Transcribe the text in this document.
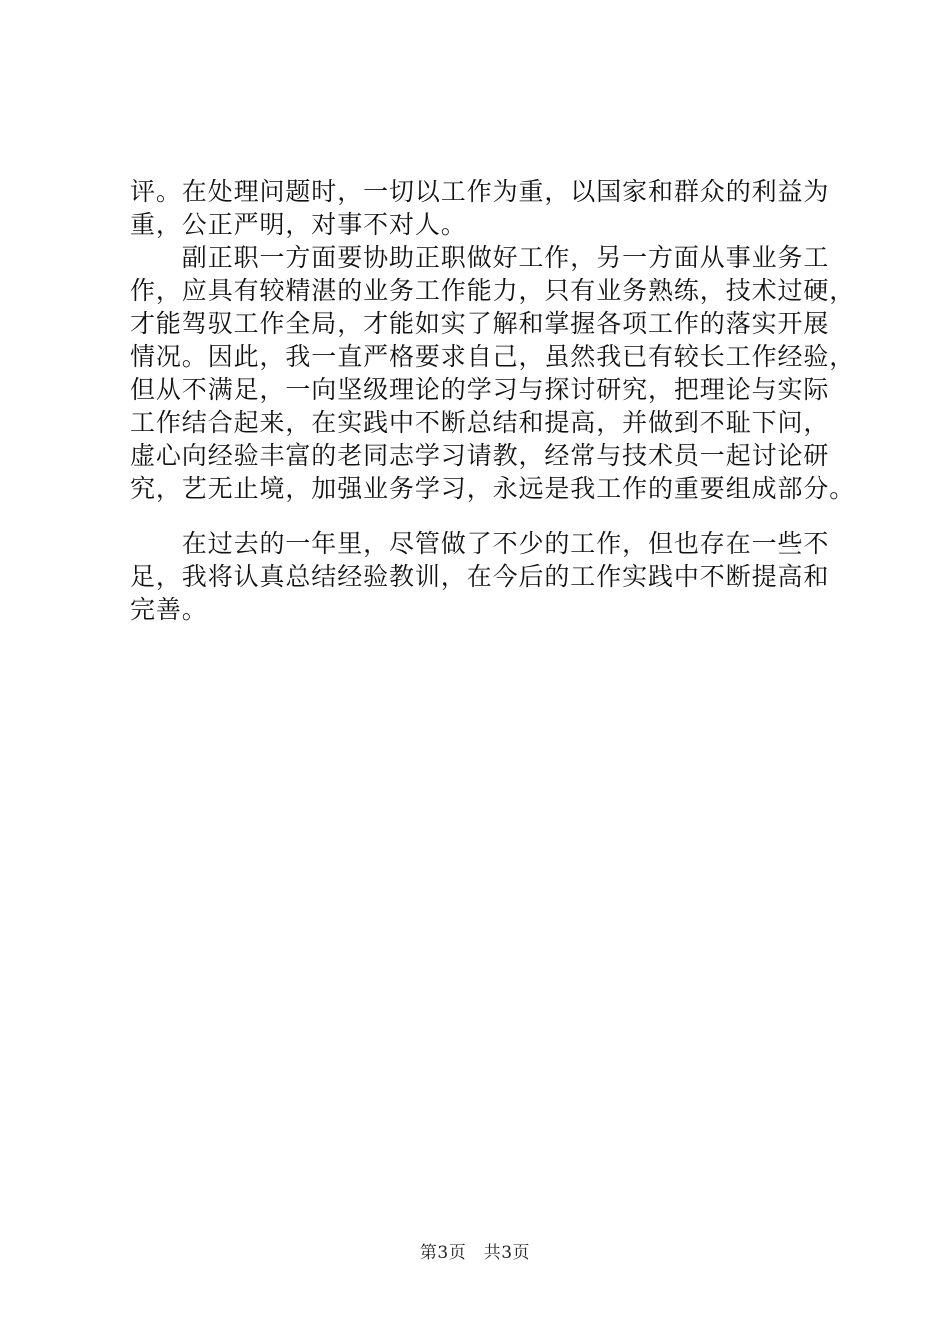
评。在处理问题时，一切以工作为重，以国家和群众的利益为
重，公正严明，对事不对人。
　　副正职一方面要协助正职做好工作，另一方面从事业务工
作，应具有较精湛的业务工作能力，只有业务熟练，技术过硬，
才能驾驭工作全局，才能如实了解和掌握各项工作的落实开展
情况。因此，我一直严格要求自己，虽然我已有较长工作经验，
但从不满足，一向坚级理论的学习与探讨研究，把理论与实际
工作结合起来，在实践中不断总结和提高，并做到不耻下问，
虚心向经验丰富的老同志学习请教，经常与技术员一起讨论研
究，艺无止境，加强业务学习，永远是我工作的重要组成部分。
　　在过去的一年里，尽管做了不少的工作，但也存在一些不
足，我将认真总结经验教训，在今后的工作实践中不断提高和
完善。
第3页　共3页
